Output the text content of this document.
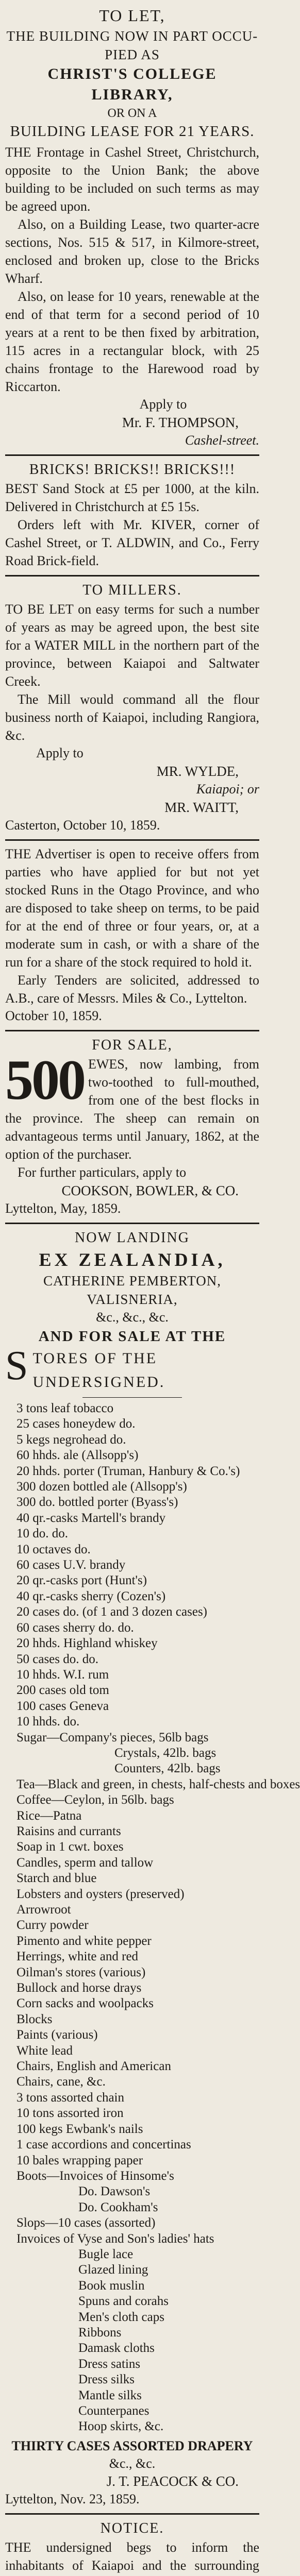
TO LET,
THE BUILDING NOW IN PART OCCU-
PIED AS
CHRIST'S COLLEGE LIBRARY,
OR ON A
BUILDING LEASE FOR 21 YEARS.

THE Frontage in Cashel Street, Christchurch, opposite to the Union Bank; the above building to be included on such terms as may be agreed upon.

Also, on a Building Lease, two quarter-acre sections, Nos. 515 & 517, in Kilmore-street, enclosed and broken up, close to the Bricks Wharf.

Also, on lease for 10 years, renewable at the end of that term for a second period of 10 years at a rent to be then fixed by arbitration, 115 acres in a rectangular block, with 25 chains frontage to the Harewood road by Riccarton.

Apply to
Mr. F. THOMPSON,
Cashel-street.
BRICKS! BRICKS!! BRICKS!!!

BEST Sand Stock at £5 per 1000, at the kiln. Delivered in Christchurch at £5 15s.

Orders left with Mr. KIVER, corner of Cashel Street, or T. ALDWIN, and Co., Ferry Road Brick-field.

TO MILLERS.

TO BE LET on easy terms for such a number of years as may be agreed upon, the best site for a WATER MILL in the northern part of the province, between Kaiapoi and Saltwater Creek.

The Mill would command all the flour business north of Kaiapoi, including Rangiora, &c.

Apply to
MR. WYLDE,
Kaiapoi; or
MR. WAITT,
Casterton, October 10, 1859.

THE Advertiser is open to receive offers from parties who have applied for but not yet stocked Runs in the Otago Province, and who are disposed to take sheep on terms, to be paid for at the end of three or four years, or, at a moderate sum in cash, or with a share of the run for a share of the stock required to hold it.

Early Tenders are solicited, addressed to A.B., care of Messrs. Miles & Co., Lyttelton.

October 10, 1859.
FOR SALE,
500 EWES, now lambing, from two-toothed to full-mouthed, from one of the best flocks in the province. The sheep can remain on advantageous terms until January, 1862, at the option of the purchaser.

For further particulars, apply to

COOKSON, BOWLER, & CO.
Lyttelton, May, 1859.
NOW LANDING
EX ZEALANDIA,
CATHERINE PEMBERTON, VALISNERIA,
&c., &c., &c.
AND FOR SALE AT THE
STORES OF THE UNDERSIGNED.
3 tons leaf tobacco
25 cases honeydew do.
5 kegs negrohead do.
60 hhds. ale (Allsopp's)
20 hhds. porter (Truman, Hanbury & Co.'s)
300 dozen bottled ale (Allsopp's)
300 do. bottled porter (Byass's)
40 qr.-casks Martell's brandy
10 do. do.
10 octaves do.
60 cases U.V. brandy
20 qr.-casks port (Hunt's)
40 qr.-casks sherry (Cozen's)
20 cases do. (of 1 and 3 dozen cases)
60 cases sherry do. do.
20 hhds. Highland whiskey
50 cases do. do.
10 hhds. W.I. rum
200 cases old tom
100 cases Geneva
10 hhds. do.
Sugar—Company's pieces, 56lb bags
Crystals, 42lb. bags
Counters, 42lb. bags
Tea—Black and green, in chests, half-chests and boxes
Coffee—Ceylon, in 56lb. bags
Rice—Patna
Raisins and currants
Soap in 1 cwt. boxes
Candles, sperm and tallow
Starch and blue
Lobsters and oysters (preserved)
Arrowroot
Curry powder
Pimento and white pepper
Herrings, white and red
Oilman's stores (various)
Bullock and horse drays
Corn sacks and woolpacks
Blocks
Paints (various)
White lead
Chairs, English and American
Chairs, cane, &c.
3 tons assorted chain
10 tons assorted iron
100 kegs Ewbank's nails
1 case accordions and concertinas
10 bales wrapping paper
Boots—Invoices of Hinsome's
Do. Dawson's
Do. Cookham's
Slops—10 cases (assorted)
Invoices of Vyse and Son's ladies' hats
Bugle lace
Glazed lining
Book muslin
Spuns and corahs
Men's cloth caps
Ribbons
Damask cloths
Dress satins
Dress silks
Mantle silks
Counterpanes
Hoop skirts, &c.
THIRTY CASES ASSORTED DRAPERY
&c., &c.
J. T. PEACOCK & CO.
Lyttelton, Nov. 23, 1859.
NOTICE.

THE undersigned begs to inform the inhabitants of Kaiapoi and the surrounding
